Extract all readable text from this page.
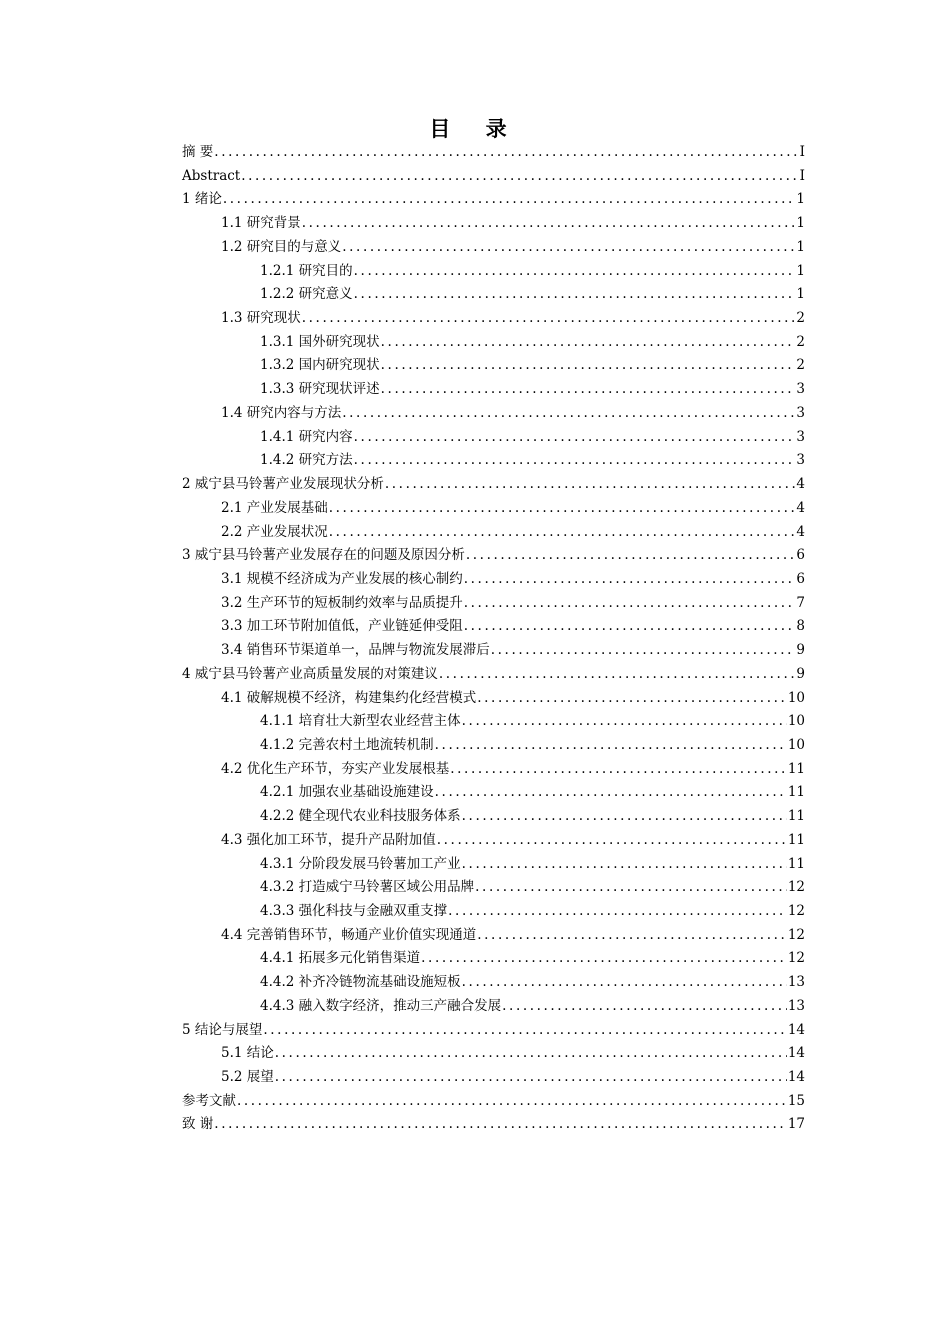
目 录
摘 要 .....	I
Abstract .....	I
1 绪论 .....	1
1.1 研究背景 .....	1
1.2 研究目的与意义 .....	1
1.2.1 研究目的 .....	1
1.2.2 研究意义 .....	1
1.3 研究现状 .....	2
1.3.1 国外研究现状 .....	2
1.3.2 国内研究现状 .....	2
1.3.3 研究现状评述 .....	3
1.4 研究内容与方法 .....	3
1.4.1 研究内容 .....	3
1.4.2 研究方法 .....	3
2 威宁县马铃薯产业发展现状分析 .....	4
2.1 产业发展基础 .....	4
2.2 产业发展状况 .....	4
3 威宁县马铃薯产业发展存在的问题及原因分析 .....	6
3.1 规模不经济成为产业发展的核心制约 .....	6
3.2 生产环节的短板制约效率与品质提升 .....	7
3.3 加工环节附加值低，产业链延伸受阻 .....	8
3.4 销售环节渠道单一，品牌与物流发展滞后 .....	9
4 威宁县马铃薯产业高质量发展的对策建议 .....	9
4.1 破解规模不经济，构建集约化经营模式 .....	10
4.1.1 培育壮大新型农业经营主体 .....	10
4.1.2 完善农村土地流转机制 .....	10
4.2 优化生产环节，夯实产业发展根基 .....	11
4.2.1 加强农业基础设施建设 .....	11
4.2.2 健全现代农业科技服务体系 .....	11
4.3 强化加工环节，提升产品附加值 .....	11
4.3.1 分阶段发展马铃薯加工产业 .....	11
4.3.2 打造威宁马铃薯区域公用品牌 .....	12
4.3.3 强化科技与金融双重支撑 .....	12
4.4 完善销售环节，畅通产业价值实现通道 .....	12
4.4.1 拓展多元化销售渠道 .....	12
4.4.2 补齐冷链物流基础设施短板 .....	13
4.4.3 融入数字经济，推动三产融合发展 .....	13
5 结论与展望 .....	14
5.1 结论 .....	14
5.2 展望 .....	14
参考文献 .....	15
致 谢 .....	17
